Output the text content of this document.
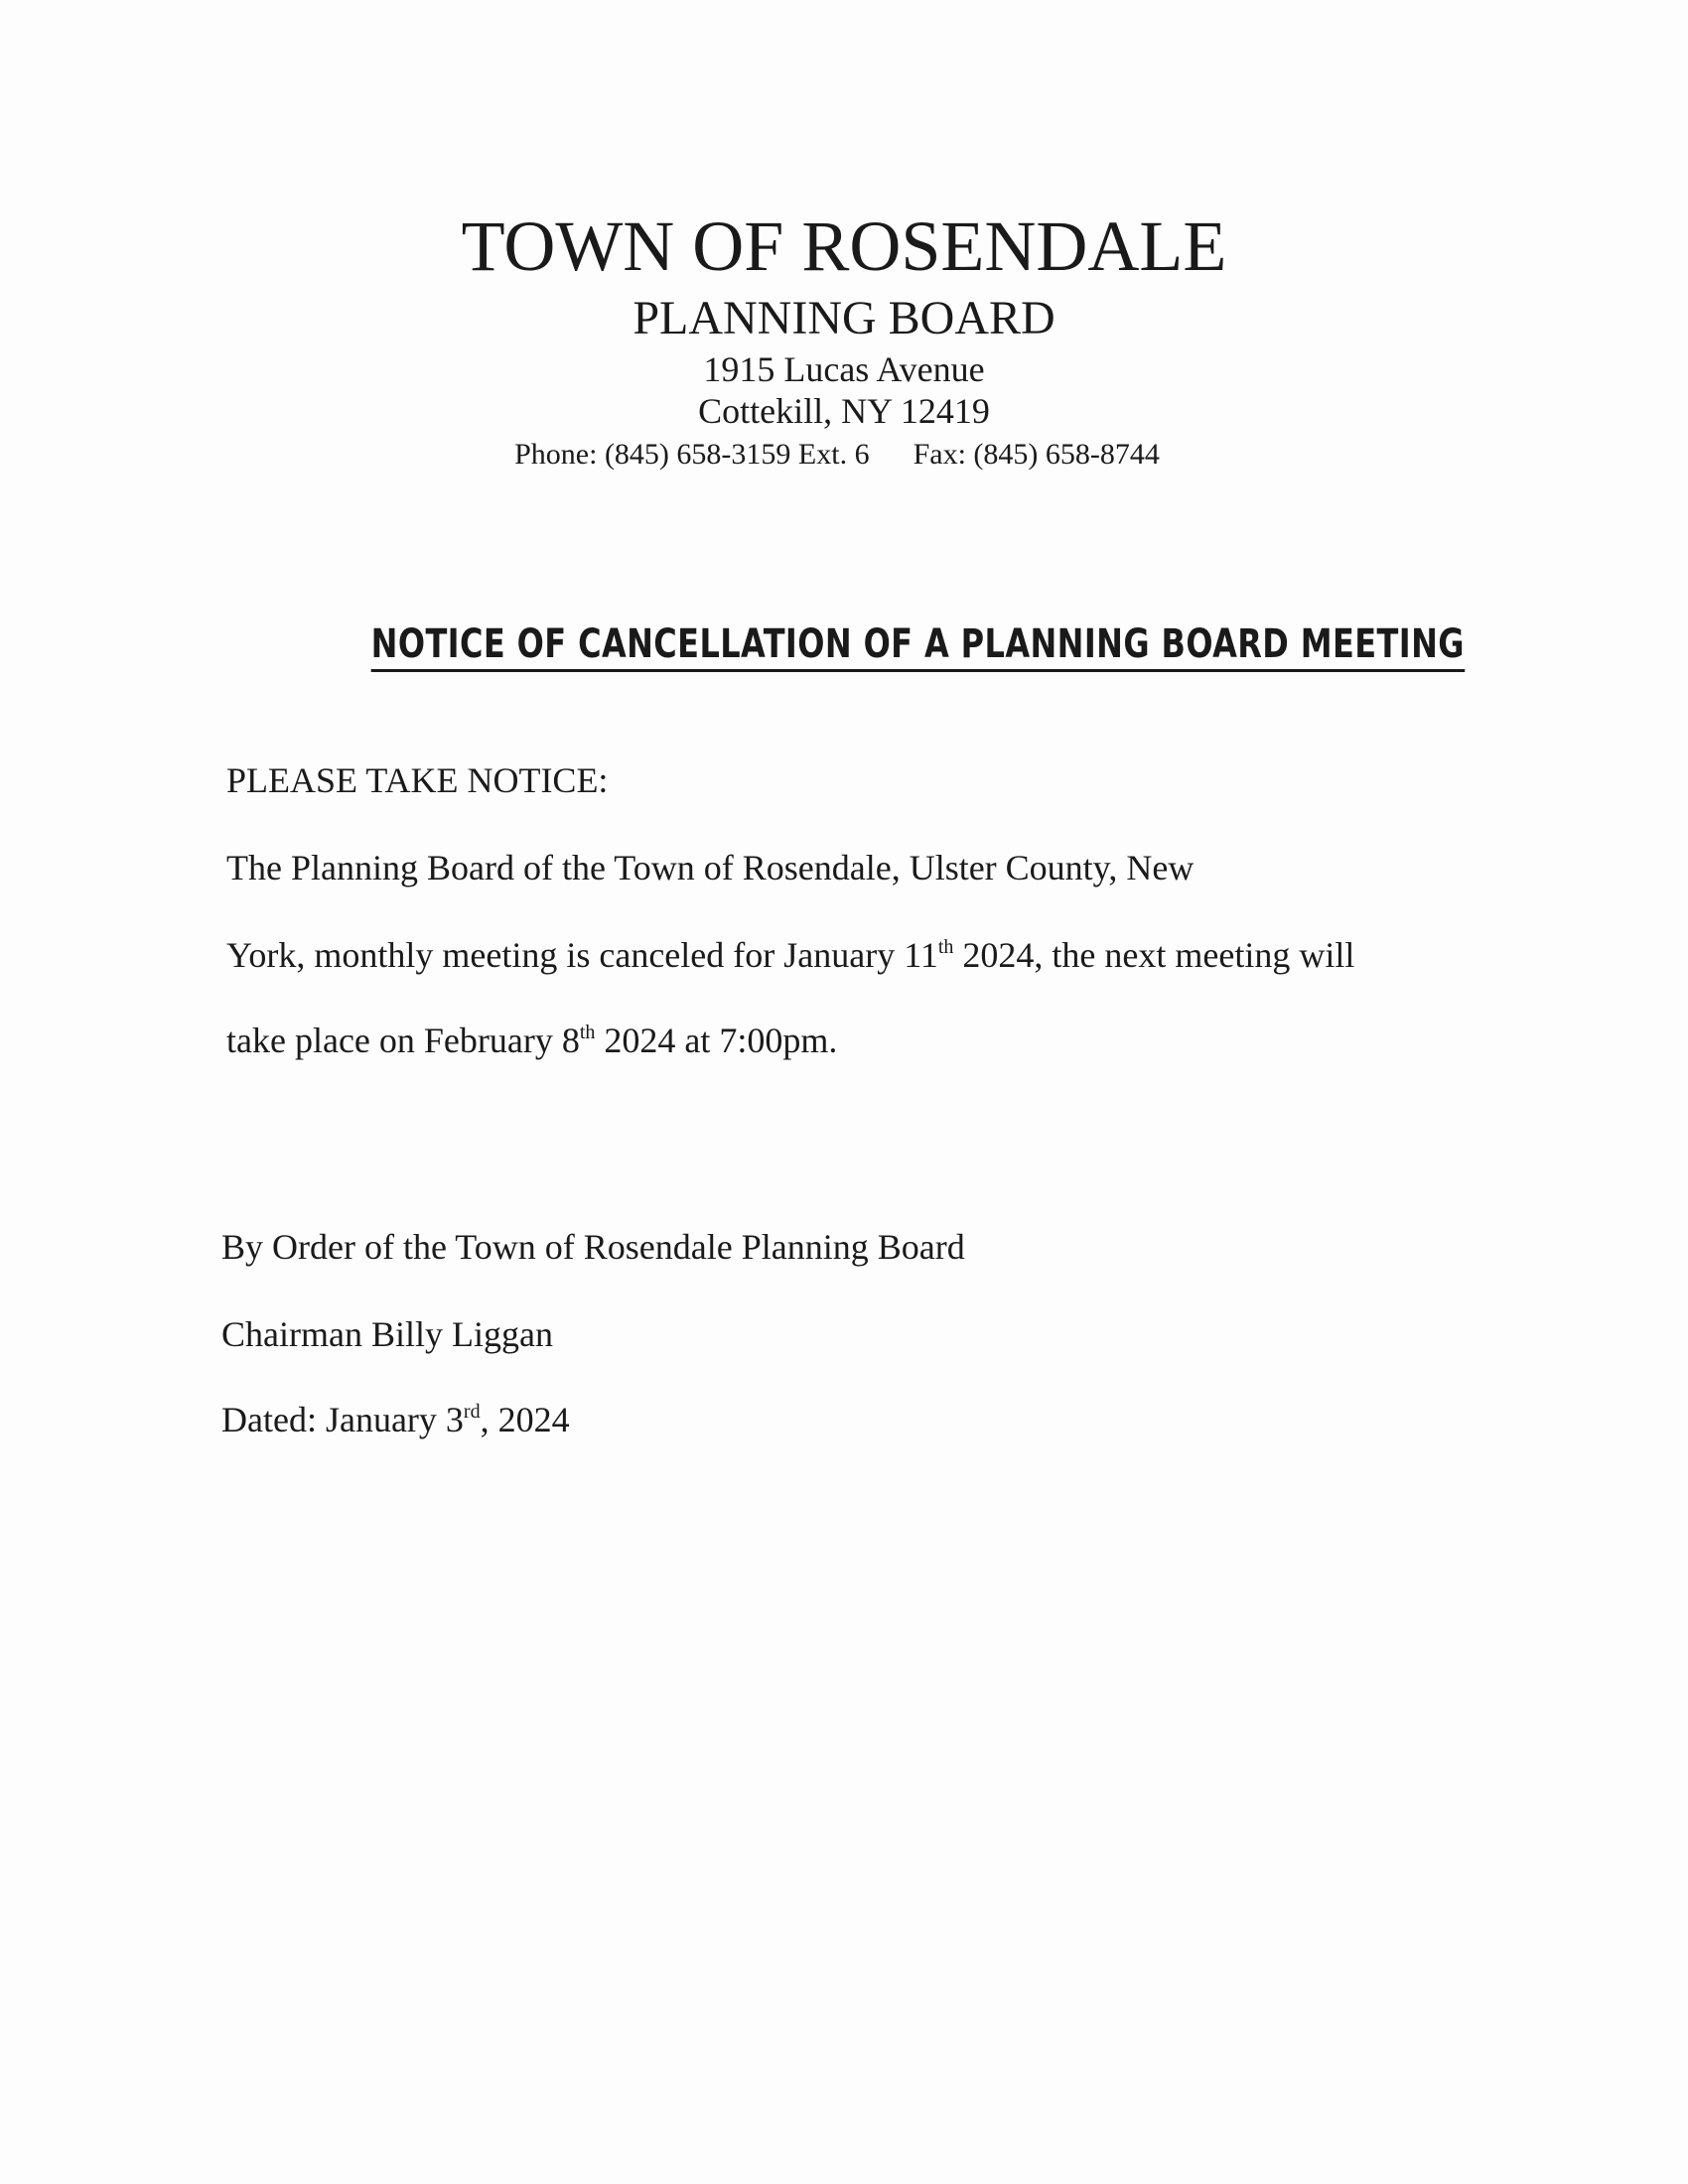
TOWN OF ROSENDALE
PLANNING BOARD
1915 Lucas Avenue
Cottekill, NY 12419
Phone: (845) 658-3159 Ext. 6 Fax: (845) 658-8744
NOTICE OF CANCELLATION OF A PLANNING BOARD MEETING
PLEASE TAKE NOTICE:
The Planning Board of the Town of Rosendale, Ulster County, New
York, monthly meeting is canceled for January 11th 2024, the next meeting will
take place on February 8th 2024 at 7:00pm.
By Order of the Town of Rosendale Planning Board
Chairman Billy Liggan
Dated: January 3rd, 2024
